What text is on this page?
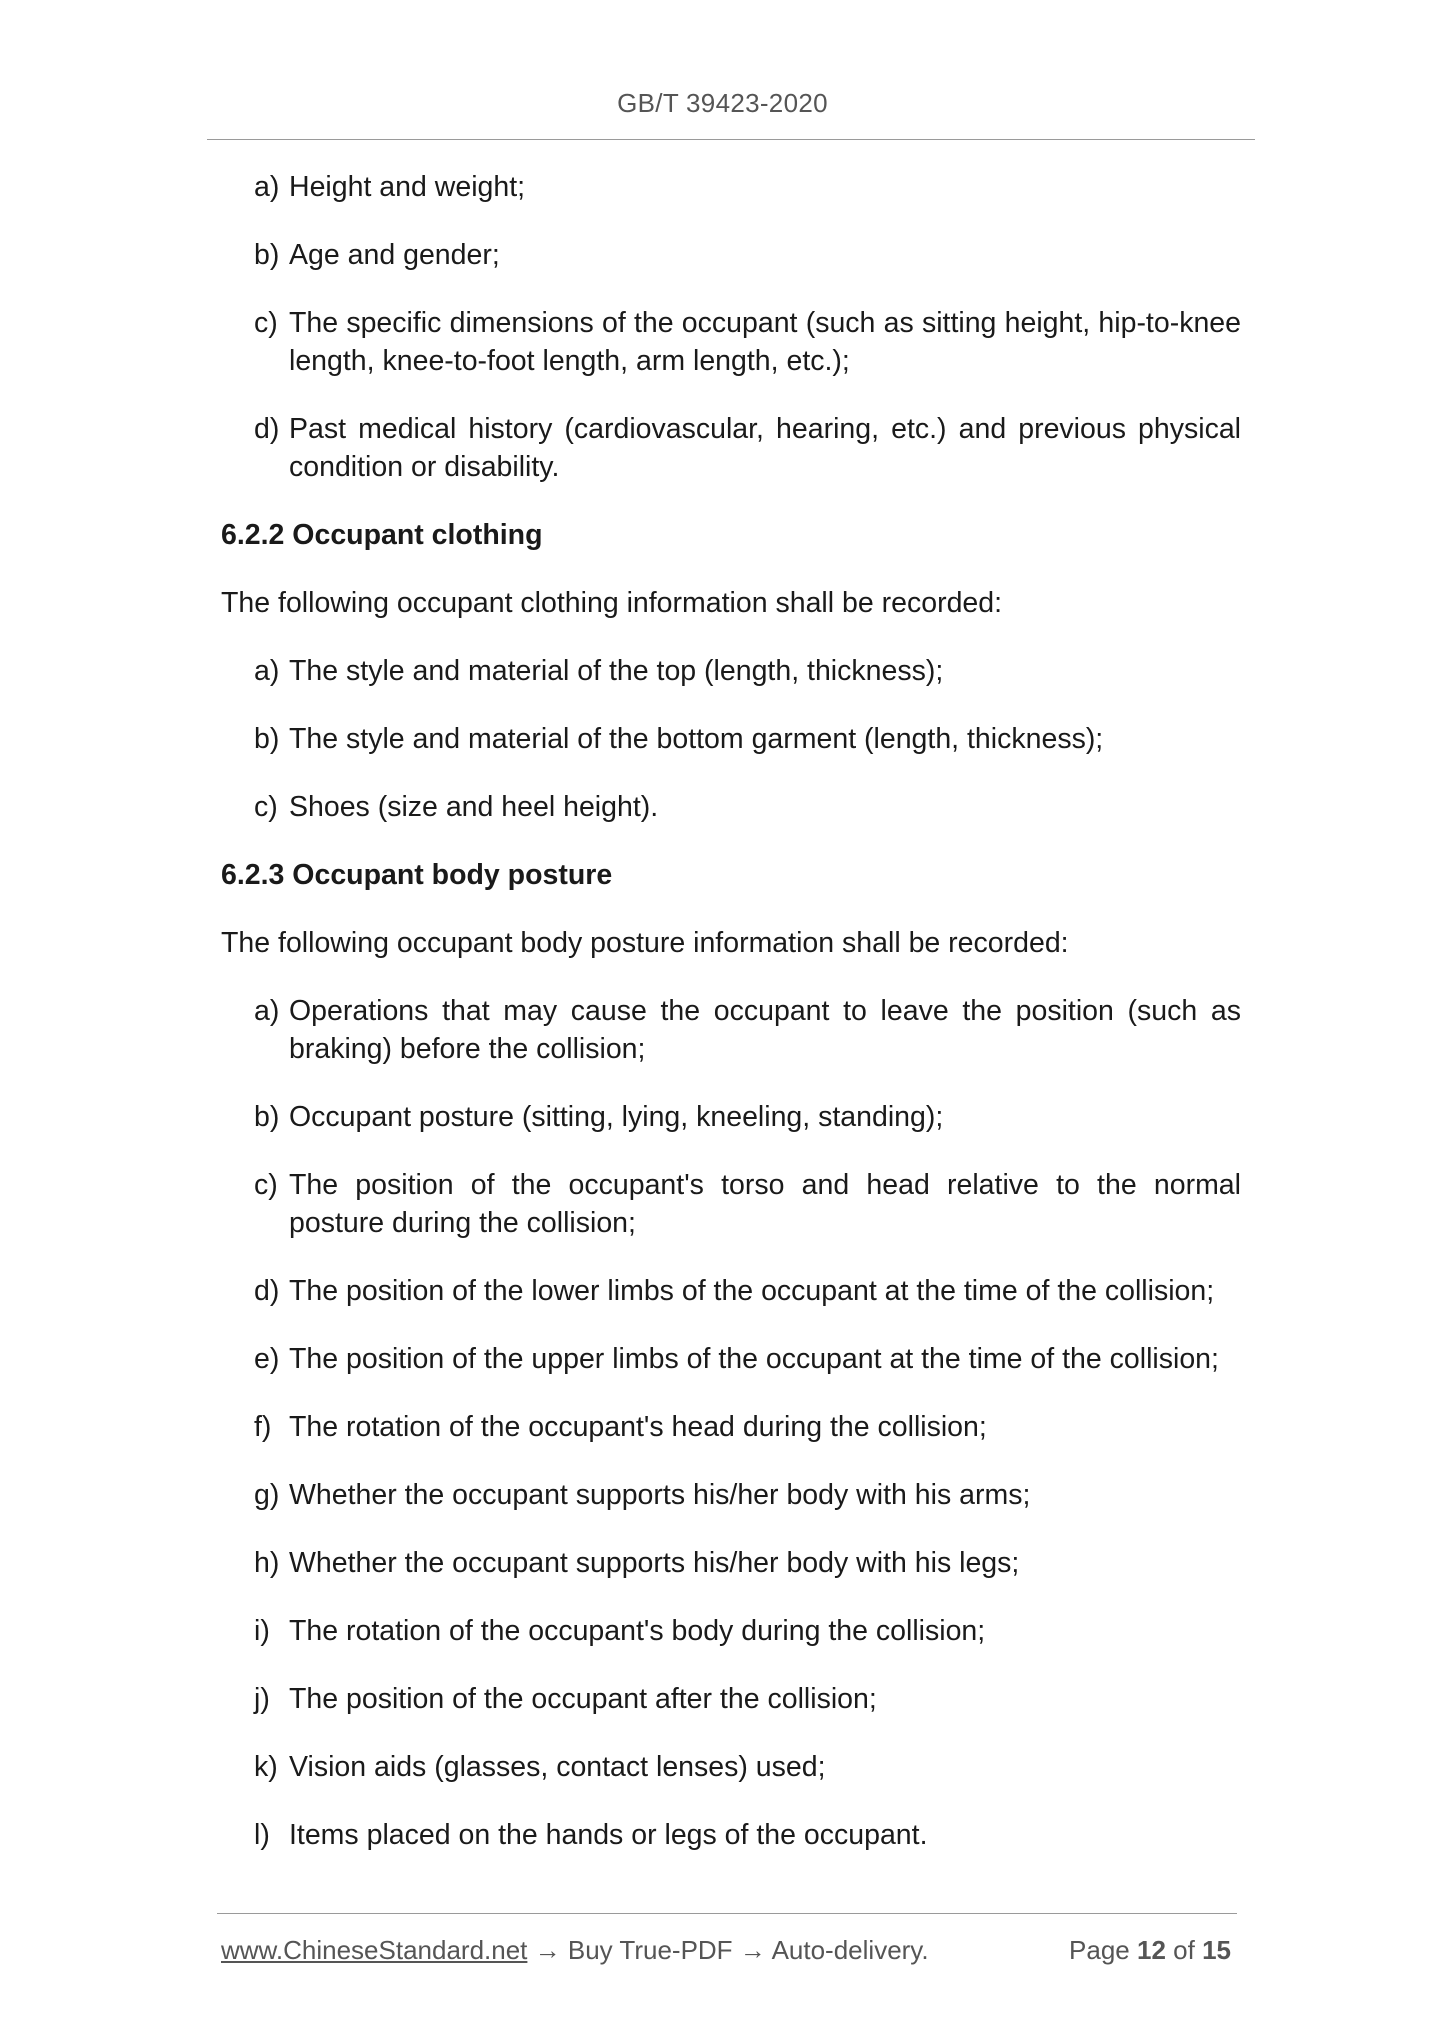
GB/T 39423-2020
a) Height and weight;
b) Age and gender;
c) The specific dimensions of the occupant (such as sitting height, hip-to-knee length, knee-to-foot length, arm length, etc.);
d) Past medical history (cardiovascular, hearing, etc.) and previous physical condition or disability.
6.2.2 Occupant clothing
The following occupant clothing information shall be recorded:
a) The style and material of the top (length, thickness);
b) The style and material of the bottom garment (length, thickness);
c) Shoes (size and heel height).
6.2.3 Occupant body posture
The following occupant body posture information shall be recorded:
a) Operations that may cause the occupant to leave the position (such as braking) before the collision;
b) Occupant posture (sitting, lying, kneeling, standing);
c) The position of the occupant's torso and head relative to the normal posture during the collision;
d) The position of the lower limbs of the occupant at the time of the collision;
e) The position of the upper limbs of the occupant at the time of the collision;
f) The rotation of the occupant's head during the collision;
g) Whether the occupant supports his/her body with his arms;
h) Whether the occupant supports his/her body with his legs;
i) The rotation of the occupant's body during the collision;
j) The position of the occupant after the collision;
k) Vision aids (glasses, contact lenses) used;
l) Items placed on the hands or legs of the occupant.
www.ChineseStandard.net → Buy True-PDF → Auto-delivery.	Page 12 of 15
